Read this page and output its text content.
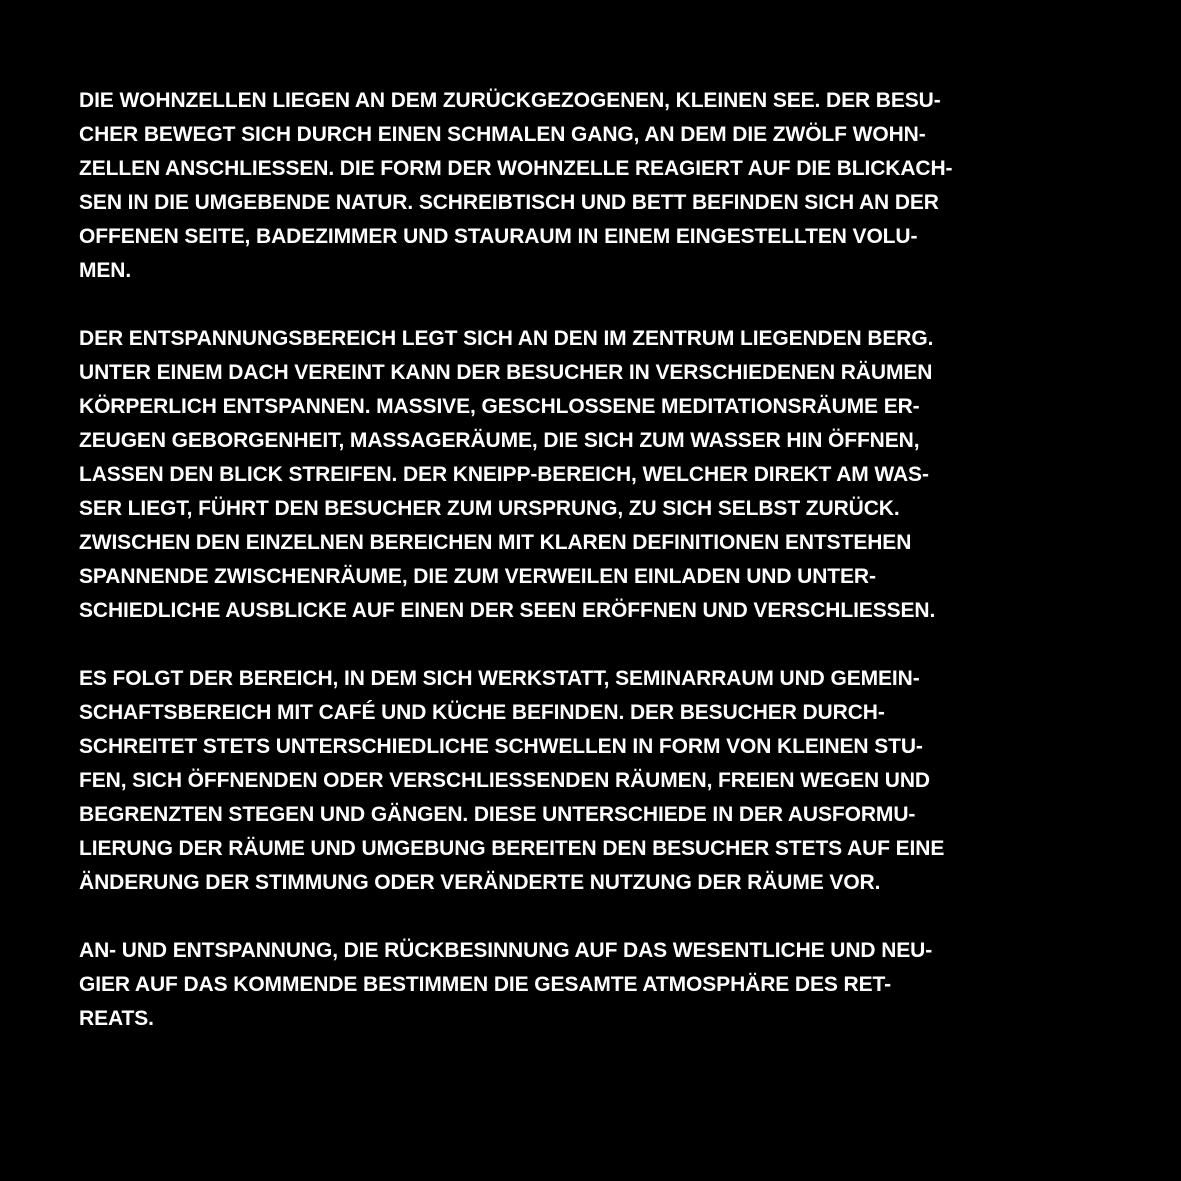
DIE WOHNZELLEN LIEGEN AN DEM ZURÜCKGEZOGENEN, KLEINEN SEE. DER BESU-
CHER BEWEGT SICH DURCH EINEN SCHMALEN GANG, AN DEM DIE ZWÖLF WOHN-
ZELLEN ANSCHLIESSEN. DIE FORM DER WOHNZELLE REAGIERT AUF DIE BLICKACH-
SEN IN DIE UMGEBENDE NATUR. SCHREIBTISCH UND BETT BEFINDEN SICH AN DER
OFFENEN SEITE, BADEZIMMER UND STAURAUM IN EINEM EINGESTELLTEN VOLU-
MEN.
DER ENTSPANNUNGSBEREICH LEGT SICH AN DEN IM ZENTRUM LIEGENDEN BERG.
UNTER EINEM DACH VEREINT KANN DER BESUCHER IN VERSCHIEDENEN RÄUMEN
KÖRPERLICH ENTSPANNEN. MASSIVE, GESCHLOSSENE MEDITATIONSRÄUME ER-
ZEUGEN GEBORGENHEIT, MASSAGERÄUME, DIE SICH ZUM WASSER HIN ÖFFNEN,
LASSEN DEN BLICK STREIFEN. DER KNEIPP-BEREICH, WELCHER DIREKT AM WAS-
SER LIEGT, FÜHRT DEN BESUCHER ZUM URSPRUNG, ZU SICH SELBST ZURÜCK.
ZWISCHEN DEN EINZELNEN BEREICHEN MIT KLAREN DEFINITIONEN ENTSTEHEN
SPANNENDE ZWISCHENRÄUME, DIE ZUM VERWEILEN EINLADEN UND UNTER-
SCHIEDLICHE AUSBLICKE AUF EINEN DER SEEN ERÖFFNEN UND VERSCHLIESSEN.
ES FOLGT DER BEREICH, IN DEM SICH WERKSTATT, SEMINARRAUM UND GEMEIN-
SCHAFTSBEREICH MIT CAFÉ UND KÜCHE BEFINDEN. DER BESUCHER DURCH-
SCHREITET STETS UNTERSCHIEDLICHE SCHWELLEN IN FORM VON KLEINEN STU-
FEN, SICH ÖFFNENDEN ODER VERSCHLIESSENDEN RÄUMEN, FREIEN WEGEN UND
BEGRENZTEN STEGEN UND GÄNGEN. DIESE UNTERSCHIEDE IN DER AUSFORMU-
LIERUNG DER RÄUME UND UMGEBUNG BEREITEN DEN BESUCHER STETS AUF EINE
ÄNDERUNG DER STIMMUNG ODER VERÄNDERTE NUTZUNG DER RÄUME VOR.
AN- UND ENTSPANNUNG, DIE RÜCKBESINNUNG AUF DAS WESENTLICHE UND NEU-
GIER AUF DAS KOMMENDE BESTIMMEN DIE GESAMTE ATMOSPHÄRE DES RET-
REATS.
